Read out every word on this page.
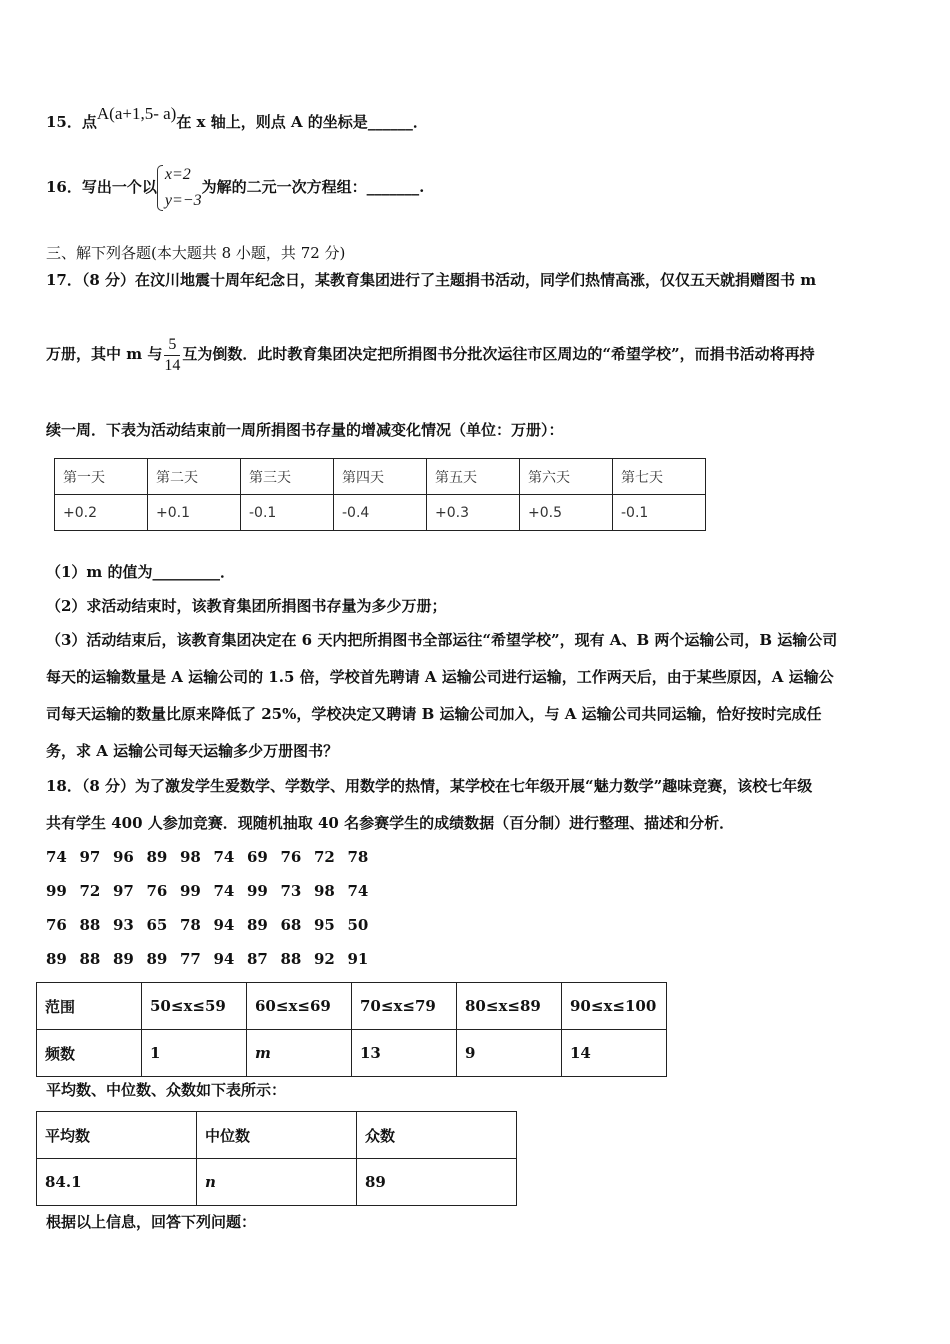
15．点A(a+1,5- a)在 x 轴上，则点 A 的坐标是______．
16．写出一个以
x=2
y=−3
为解的二元一次方程组：_______.
三、解下列各题(本大题共 8 小题，共 72 分)
17．（8 分）在汶川地震十周年纪念日，某教育集团进行了主题捐书活动，同学们热情高涨，仅仅五天就捐赠图书 m
万册，其中 m 与 $\frac{5}{14}$ 互为倒数．此时教育集团决定把所捐图书分批次运往市区周边的“希望学校”，而捐书活动将再持
续一周．下表为活动结束前一周所捐图书存量的增减变化情况（单位：万册）：
第一天	第二天	第三天	第四天	第五天	第六天	第七天
+0.2	+0.1	-0.1	-0.4	+0.3	+0.5	-0.1
（1）m 的值为_________．
（2）求活动结束时，该教育集团所捐图书存量为多少万册；
（3）活动结束后，该教育集团决定在 6 天内把所捐图书全部运往“希望学校”，现有 A、B 两个运输公司，B 运输公司
每天的运输数量是 A 运输公司的 1.5 倍，学校首先聘请 A 运输公司进行运输，工作两天后，由于某些原因，A 运输公
司每天运输的数量比原来降低了 25%，学校决定又聘请 B 运输公司加入，与 A 运输公司共同运输，恰好按时完成任
务，求 A 运输公司每天运输多少万册图书？
18．（8 分）为了激发学生爱数学、学数学、用数学的热情，某学校在七年级开展“魅力数学”趣味竞赛，该校七年级
共有学生 400 人参加竞赛．现随机抽取 40 名参赛学生的成绩数据（百分制）进行整理、描述和分析．
74 97 96 89 98 74 69 76 72 78
99 72 97 76 99 74 99 73 98 74
76 88 93 65 78 94 89 68 95 50
89 88 89 89 77 94 87 88 92 91
范围	50≤x≤59	60≤x≤69	70≤x≤79	80≤x≤89	90≤x≤100
频数	1	m	13	9	14
平均数、中位数、众数如下表所示：
平均数	中位数	众数
84.1	n	89
根据以上信息，回答下列问题：
